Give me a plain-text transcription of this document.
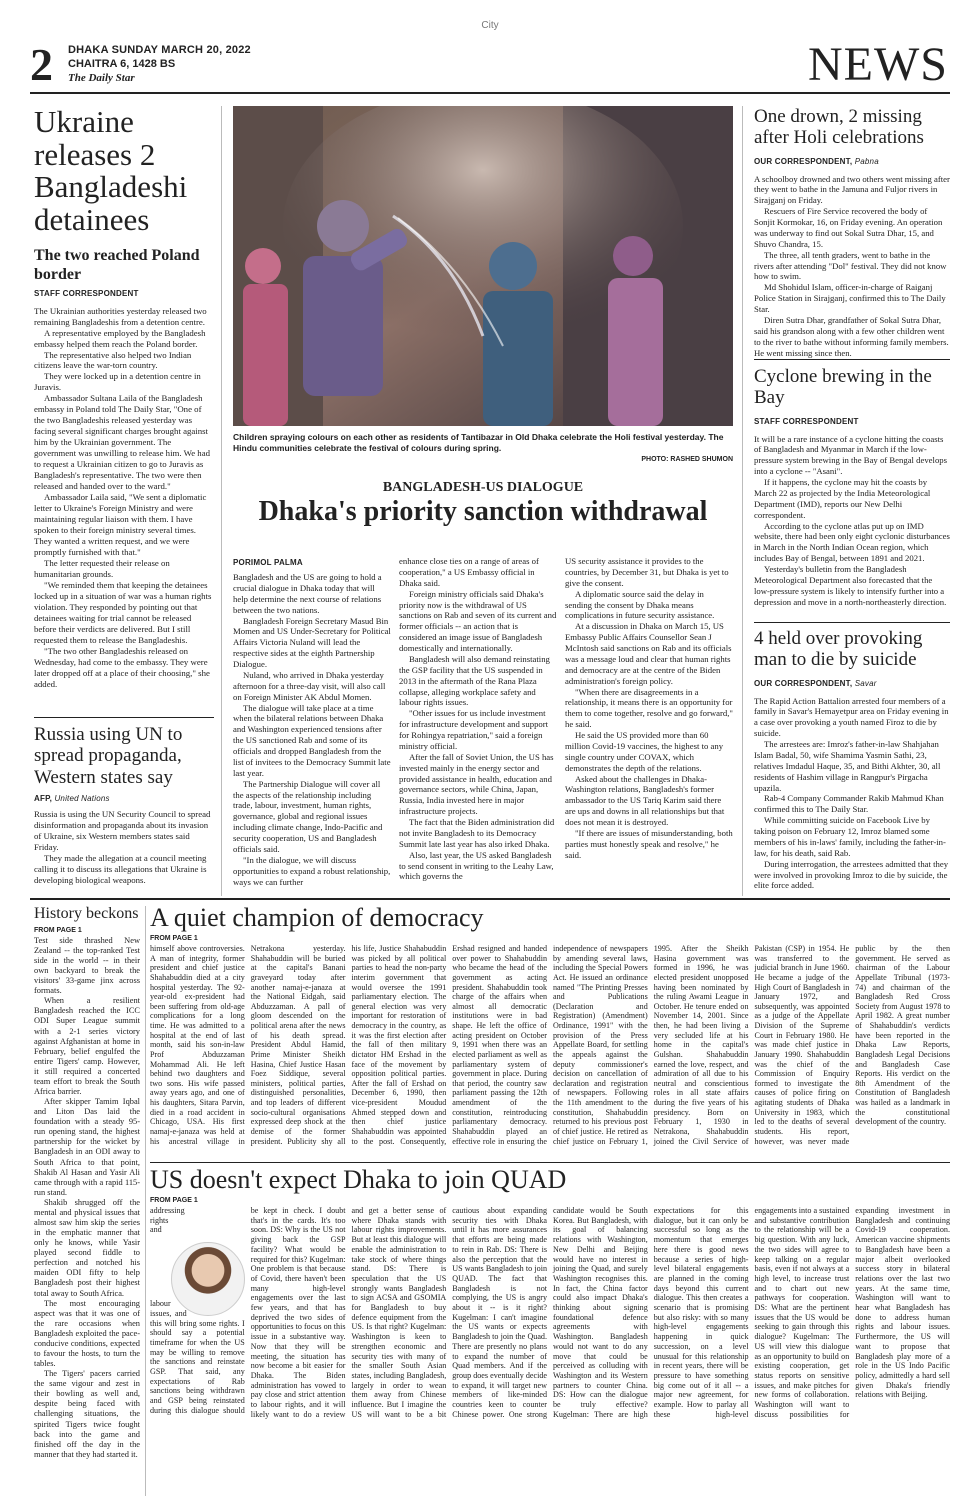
City
2 DHAKA SUNDAY MARCH 20, 2022
CHAITRA 6, 1428 BS
The Daily Star	NEWS
Ukraine releases 2 Bangladeshi detainees
The two reached Poland border
STAFF CORRESPONDENT

The Ukrainian authorities yesterday released two remaining Bangladeshis from a detention centre.

A representative employed by the Bangladesh embassy helped them reach the Poland border.

The representative also helped two Indian citizens leave the war-torn country.

They were locked up in a detention centre in Juravis.

Ambassador Sultana Laila of the Bangladesh embassy in Poland told The Daily Star, "One of the two Bangladeshis released yesterday was facing several significant charges brought against him by the Ukrainian government. The government was unwilling to release him. We had to request a Ukrainian citizen to go to Juravis as Bangladesh's representative. The two were then released and handed over to the ward."

Ambassador Laila said, "We sent a diplomatic letter to Ukraine's Foreign Ministry and were maintaining regular liaison with them. I have spoken to their foreign ministry several times. They wanted a written request, and we were promptly furnished with that."

The letter requested their release on humanitarian grounds.

"We reminded them that keeping the detainees locked up in a situation of war was a human rights violation. They responded by pointing out that detainees waiting for trial cannot be released before their verdicts are delivered. But I still requested them to release the Bangladeshis.

"The two other Bangladeshis released on Wednesday, had come to the embassy. They were later dropped off at a place of their choosing," she added.

Russia using UN to spread propaganda, Western states say
AFP, United Nations

Russia is using the UN Security Council to spread disinformation and propaganda about its invasion of Ukraine, six Western members states said Friday.

They made the allegation at a council meeting calling it to discuss its allegations that Ukraine is developing biological weapons.

Children spraying colours on each other as residents of Tantibazar in Old Dhaka celebrate the Holi festival yesterday. The Hindu communities celebrate the festival of colours during spring.
PHOTO: RASHED SHUMON
BANGLADESH-US DIALOGUE
Dhaka's priority sanction withdrawal
PORIMOL PALMA

Bangladesh and the US are going to hold a crucial dialogue in Dhaka today that will help determine the next course of relations between the two nations.

Bangladesh Foreign Secretary Masud Bin Momen and US Under-Secretary for Political Affairs Victoria Nuland will lead the respective sides at the eighth Partnership Dialogue.

Nuland, who arrived in Dhaka yesterday afternoon for a three-day visit, will also call on Foreign Minister AK Abdul Momen.

The dialogue will take place at a time when the bilateral relations between Dhaka and Washington experienced tensions after the US sanctioned Rab and some of its officials and dropped Bangladesh from the list of invitees to the Democracy Summit late last year.

The Partnership Dialogue will cover all the aspects of the relationship including trade, labour, investment, human rights, governance, global and regional issues including climate change, Indo-Pacific and security cooperation, US and Bangladesh officials said.

"In the dialogue, we will discuss opportunities to expand a robust relationship, ways we can further

enhance close ties on a range of areas of cooperation," a US Embassy official in Dhaka said.

Foreign ministry officials said Dhaka's priority now is the withdrawal of US sanctions on Rab and seven of its current and former officials -- an action that is considered an image issue of Bangladesh domestically and internationally.

Bangladesh will also demand reinstating the GSP facility that the US suspended in 2013 in the aftermath of the Rana Plaza collapse, alleging workplace safety and labour rights issues.

"Other issues for us include investment for infrastructure development and support for Rohingya repatriation," said a foreign ministry official.

After the fall of Soviet Union, the US has invested mainly in the energy sector and provided assistance in health, education and governance sectors, while China, Japan, Russia, India invested here in major infrastructure projects.

The fact that the Biden administration did not invite Bangladesh to its Democracy Summit late last year has also irked Dhaka.

Also, last year, the US asked Bangladesh to send consent in writing to the Leahy Law, which governs the

US security assistance it provides to the countries, by December 31, but Dhaka is yet to give the consent.

A diplomatic source said the delay in sending the consent by Dhaka means complications in future security assistance.

At a discussion in Dhaka on March 15, US Embassy Public Affairs Counsellor Sean J McIntosh said sanctions on Rab and its officials was a message loud and clear that human rights and democracy are at the centre of the Biden administration's foreign policy.

"When there are disagreements in a relationship, it means there is an opportunity for them to come together, resolve and go forward," he said.

He said the US provided more than 60 million Covid-19 vaccines, the highest to any single country under COVAX, which demonstrates the depth of the relations.

Asked about the challenges in Dhaka-Washington relations, Bangladesh's former ambassador to the US Tariq Karim said there are ups and downs in all relationships but that does not mean it is destroyed.

"If there are issues of misunderstanding, both parties must honestly speak and resolve," he said.

One drown, 2 missing after Holi celebrations
OUR CORRESPONDENT, Pabna

A schoolboy drowned and two others went missing after they went to bathe in the Jamuna and Fuljor rivers in Sirajganj on Friday.

Rescuers of Fire Service recovered the body of Sonjit Kormokar, 16, on Friday evening. An operation was underway to find out Sokal Sutra Dhar, 15, and Shuvo Chandra, 15.

The three, all tenth graders, went to bathe in the rivers after attending "Dol" festival. They did not know how to swim.

Md Shohidul Islam, officer-in-charge of Raiganj Police Station in Sirajganj, confirmed this to The Daily Star.

Diren Sutra Dhar, grandfather of Sokal Sutra Dhar, said his grandson along with a few other children went to the river to bathe without informing family members. He went missing since then.

Cyclone brewing in the Bay
STAFF CORRESPONDENT

It will be a rare instance of a cyclone hitting the coasts of Bangladesh and Myanmar in March if the low-pressure system brewing in the Bay of Bengal develops into a cyclone -- "Asani".

If it happens, the cyclone may hit the coasts by March 22 as projected by the India Meteorological Department (IMD), reports our New Delhi correspondent.

According to the cyclone atlas put up on IMD website, there had been only eight cyclonic disturbances in March in the North Indian Ocean region, which includes Bay of Bengal, between 1891 and 2021.

Yesterday's bulletin from the Bangladesh Meteorological Department also forecasted that the low-pressure system is likely to intensify further into a depression and move in a north-northeasterly direction.

4 held over provoking man to die by suicide
OUR CORRESPONDENT, Savar

The Rapid Action Battalion arrested four members of a family in Savar's Hemayetpur area on Friday evening in a case over provoking a youth named Firoz to die by suicide.

The arrestees are: Imroz's father-in-law Shahjahan Islam Badal, 50, wife Shamima Yasmin Sathi, 23, relatives Imdadul Haque, 35, and Bithi Akhter, 30, all residents of Hashim village in Rangpur's Pirgacha upazila.

Rab-4 Company Commander Rakib Mahmud Khan confirmed this to The Daily Star.

While committing suicide on Facebook Live by taking poison on February 12, Imroz blamed some members of his in-laws' family, including the father-in-law, for his death, said Rab.

During interrogation, the arrestees admitted that they were involved in provoking Imroz to die by suicide, the elite force added.

History beckons
FROM PAGE 1

Test side thrashed New Zealand -- the top-ranked Test side in the world -- in their own backyard to break the visitors' 33-game jinx across formats.

When a resilient Bangladesh reached the ICC ODI Super League summit with a 2-1 series victory against Afghanistan at home in February, belief engulfed the entire Tigers' camp. However, it still required a concerted team effort to break the South Africa barrier.

After skipper Tamim Iqbal and Liton Das laid the foundation with a steady 95-run opening stand, the highest partnership for the wicket by Bangladesh in an ODI away to South Africa to that point, Shakib Al Hasan and Yasir Ali came through with a rapid 115-run stand.

Shakib shrugged off the mental and physical issues that almost saw him skip the series in the emphatic manner that only he knows, while Yasir played second fiddle to perfection and notched his maiden ODI fifty to help Bangladesh post their highest total away to South Africa.

The most encouraging aspect was that it was one of the rare occasions when Bangladesh exploited the pace-conducive conditions, expected to favour the hosts, to turn the tables.

The Tigers' pacers carried the same vigour and zest in their bowling as well and, despite being faced with challenging situations, the spirited Tigers twice fought back into the game and finished off the day in the manner that they had started it.

A quiet champion of democracy
FROM PAGE 1

himself above controversies. A man of integrity, former president and chief justice Shahabuddin died at a city hospital yesterday. The 92-year-old ex-president had been suffering from old-age complications for a long time. He was admitted to a hospital at the end of last month, said his son-in-law Prof Abduzzaman Mohammad Ali. He left behind two daughters and two sons. His wife passed away years ago, and one of his daughters, Sitara Parvin, died in a road accident in Chicago, USA. His first namaj-e-janaza was held at his ancestral village in Netrakona yesterday. Shahabuddin will be buried at the capital's Banani graveyard today after another namaj-e-janaza at the National Eidgah, said Abduzzaman. A pall of gloom descended on the political arena after the news of his death spread. President Abdul Hamid, Prime Minister Sheikh Hasina, Chief Justice Hasan Foez Siddique, several ministers, political parties, distinguished personalities, and top leaders of different socio-cultural organisations expressed deep shock at the demise of the former president. Publicity shy all his life, Justice Shahabuddin was picked by all political parties to head the non-party interim government that would oversee the 1991 parliamentary election. The general election was very important for restoration of democracy in the country, as it was the first election after the fall of then military dictator HM Ershad in the face of the movement by opposition political parties. After the fall of Ershad on December 6, 1990, then vice-president Moudud Ahmed stepped down and then chief justice Shahabuddin was appointed to the post. Consequently, Ershad resigned and handed over power to Shahabuddin who became the head of the government as acting president. Shahabuddin took charge of the affairs when almost all democratic institutions were in bad shape. He left the office of acting president on October 9, 1991 when there was an elected parliament as well as parliamentary system of government in place. During that period, the country saw parliament passing the 12th amendment of the constitution, reintroducing parliamentary democracy. Shahabuddin played an effective role in ensuring the independence of newspapers by amending several laws, including the Special Powers Act. He issued an ordinance named "The Printing Presses and Publications (Declaration and Registration) (Amendment) Ordinance, 1991" with the provision of the Press Appellate Board, for settling the appeals against the deputy commissioner's decision on cancellation of declaration and registration of newspapers. Following the 11th amendment to the constitution, Shahabuddin returned to his previous post of chief justice. He retired as chief justice on February 1, 1995. After the Sheikh Hasina government was formed in 1996, he was elected president unopposed having been nominated by the ruling Awami League in October. He tenure ended on November 14, 2001. Since then, he had been living a very secluded life at his home in the capital's Gulshan. Shahabuddin earned the love, respect, and admiration of all due to his neutral and conscientious roles in all state affairs during the five years of his presidency. Born on February 1, 1930 in Netrakona, Shahabuddin joined the Civil Service of Pakistan (CSP) in 1954. He was transferred to the judicial branch in June 1960. He became a judge of the High Court of Bangladesh in January 1972, and subsequently, was appointed as a judge of the Appellate Division of the Supreme Court in February 1980. He was made chief justice in January 1990. Shahabuddin was the chief of the Commission of Enquiry formed to investigate the causes of police firing on agitating students of Dhaka University in 1983, which led to the deaths of several students. His report, however, was never made public by the then government. He served as chairman of the Labour Appellate Tribunal (1973-74) and chairman of the Bangladesh Red Cross Society from August 1978 to April 1982. A great number of Shahabuddin's verdicts have been reported in the Dhaka Law Reports, Bangladesh Legal Decisions and Bangladesh Case Reports. His verdict on the 8th Amendment of the Constitution of Bangladesh was hailed as a landmark in the constitutional development of the country.

US doesn't expect Dhaka to join QUAD
FROM PAGE 1

addressing rights and labour issues, and this will bring some rights. I should say a potential timeframe for when the US may be willing to remove the sanctions and reinstate GSP. That said, any expectations of Rab sanctions being withdrawn and GSP being reinstated during this dialogue should be kept in check. I doubt that's in the cards. It's too soon. DS: Why is the US not giving back the GSP facility? What would be required for this? Kugelman: One problem is that because of Covid, there haven't been many high-level engagements over the last few years, and that has deprived the two sides of opportunities to focus on this issue in a substantive way. Now that they will be meeting, the situation has now become a bit easier for Dhaka. The Biden administration has vowed to pay close and strict attention to labour rights, and it will likely want to do a review and get a better sense of where Dhaka stands with labour rights improvements. But at least this dialogue will enable the administration to take stock of where things stand. DS: There is speculation that the US strongly wants Bangladesh to sign ACSA and GSOMIA for Bangladesh to buy defence equipment from the US. Is that right? Kugelman: Washington is keen to strengthen economic and security ties with many of the smaller South Asian states, including Bangladesh, largely in order to wean them away from Chinese influence. But I imagine the US will want to be a bit cautious about expanding security ties with Dhaka until it has more assurances that efforts are being made to rein in Rab. DS: There is also the perception that the US wants Bangladesh to join QUAD. The fact that Bangladesh is not complying, the US is angry about it -- is it right? Kugelman: I can't imagine the US wants or expects Bangladesh to join the Quad. There are presently no plans to expand the number of Quad members. And if the group does eventually decide to expand, it will target new members of like-minded countries keen to counter Chinese power. One strong candidate would be South Korea. But Bangladesh, with its goal of balancing relations with Washington, New Delhi and Beijing would have no interest in joining the Quad, and surely Washington recognises this. In fact, the China factor could also impact Dhaka's thinking about signing foundational defence agreements with Washington. Bangladesh would not want to do any move that could be perceived as colluding with Washington and its Western partners to counter China. DS: How can the dialogue be truly effective? Kugelman: There are high expectations for this dialogue, but it can only be successful so long as the momentum that emerges here there is good news because a series of high-level bilateral engagements are planned in the coming days beyond this current dialogue. This then creates a scenario that is promising but also risky: with so many high-level engagements happening in quick succession, on a level unusual for this relationship in recent years, there will be pressure to have something big come out of it all -- a major new agreement, for example. How to parlay all these high-level engagements into a sustained and substantive contribution to the relationship will be a big question. With any luck, the two sides will agree to keep talking on a regular basis, even if not always at a high level, to increase trust and to chart out new pathways for cooperation. DS: What are the pertinent issues that the US would be seeking to gain through this dialogue? Kugelman: The US will view this dialogue as an opportunity to build on existing cooperation, get status reports on sensitive issues, and make pitches for new forms of collaboration. Washington will want to discuss possibilities for expanding investment in Bangladesh and continuing Covid-19 cooperation. American vaccine shipments to Bangladesh have been a major albeit overlooked success story in bilateral relations over the last two years. At the same time, Washington will want to hear what Bangladesh has done to address human rights and labour issues. Furthermore, the US will want to propose that Bangladesh play more of a role in the US Indo Pacific policy, admittedly a hard sell given Dhaka's friendly relations with Beijing.
